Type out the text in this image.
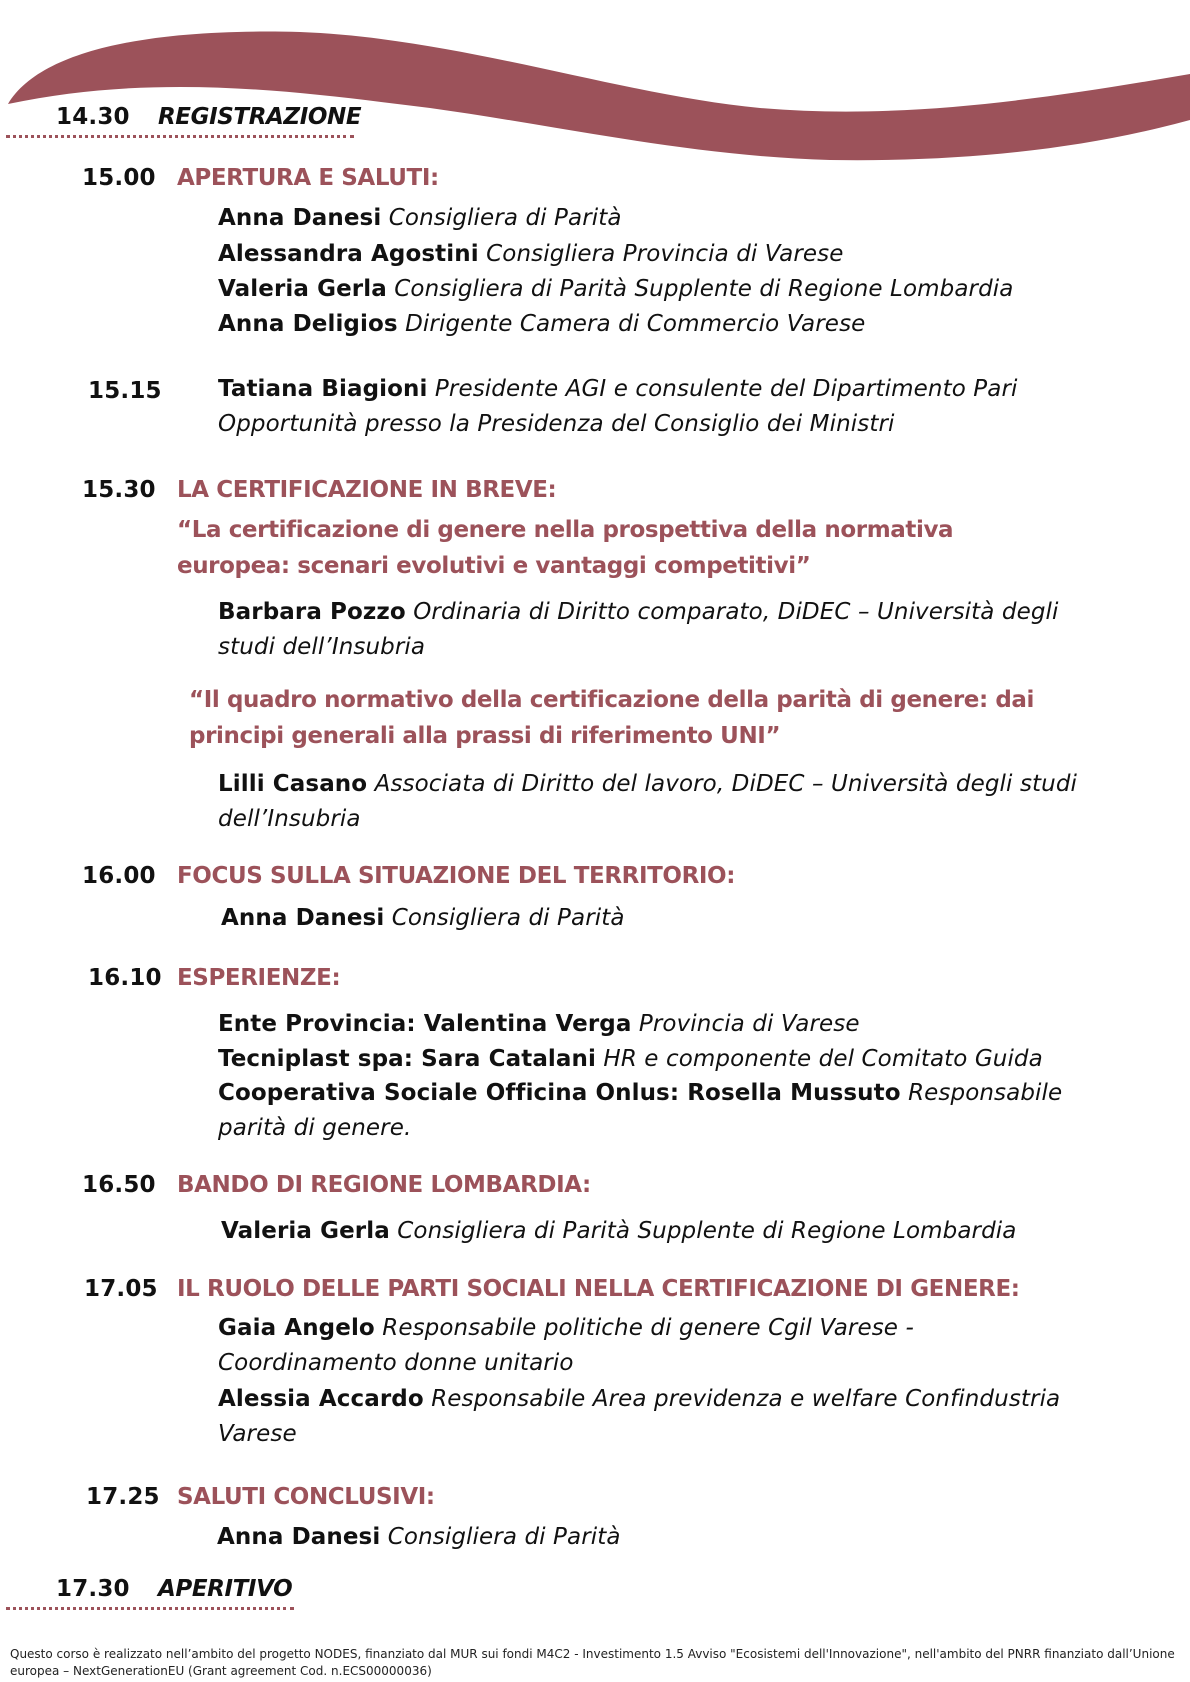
14.30 REGISTRAZIONE
15.00 APERTURA E SALUTI:
Anna Danesi Consigliera di Parità
Alessandra Agostini Consigliera Provincia di Varese
Valeria Gerla Consigliera di Parità Supplente di Regione Lombardia
Anna Deligios Dirigente Camera di Commercio Varese
15.15 Tatiana Biagioni Presidente AGI e consulente del Dipartimento Pari Opportunità presso la Presidenza del Consiglio dei Ministri
15.30 LA CERTIFICAZIONE IN BREVE:
“La certificazione di genere nella prospettiva della normativa europea: scenari evolutivi e vantaggi competitivi”
Barbara Pozzo Ordinaria di Diritto comparato, DiDEC – Università degli studi dell’Insubria
“Il quadro normativo della certificazione della parità di genere: dai principi generali alla prassi di riferimento UNI”
Lilli Casano Associata di Diritto del lavoro, DiDEC – Università degli studi dell’Insubria
16.00 FOCUS SULLA SITUAZIONE DEL TERRITORIO:
Anna Danesi Consigliera di Parità
16.10 ESPERIENZE:
Ente Provincia: Valentina Verga Provincia di Varese
Tecniplast spa: Sara Catalani HR e componente del Comitato Guida
Cooperativa Sociale Officina Onlus: Rosella Mussuto Responsabile parità di genere.
16.50 BANDO DI REGIONE LOMBARDIA:
Valeria Gerla Consigliera di Parità Supplente di Regione Lombardia
17.05 IL RUOLO DELLE PARTI SOCIALI NELLA CERTIFICAZIONE DI GENERE:
Gaia Angelo Responsabile politiche di genere Cgil Varese - Coordinamento donne unitario
Alessia Accardo Responsabile Area previdenza e welfare Confindustria Varese
17.25 SALUTI CONCLUSIVI:
Anna Danesi Consigliera di Parità
17.30 APERITIVO
Questo corso è realizzato nell’ambito del progetto NODES, finanziato dal MUR sui fondi M4C2 - Investimento 1.5 Avviso "Ecosistemi dell'Innovazione", nell'ambito del PNRR finanziato dall’Unione europea – NextGenerationEU (Grant agreement Cod. n.ECS00000036)
